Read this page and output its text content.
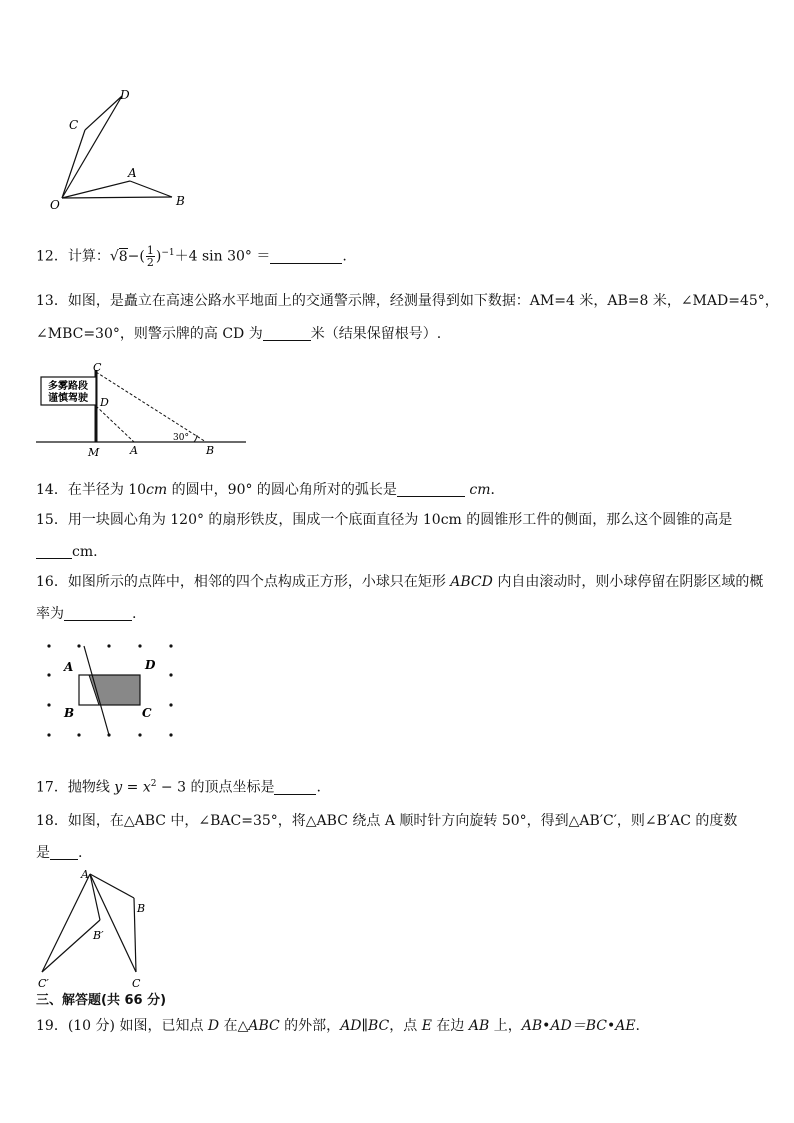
D
C
A
O	B
12．计算：$√8-( \frac{1}{2} )^{-1}+4$ sin 30° ＝	.
13．如图，是矗立在高速公路水平地面上的交通警示牌，经测量得到如下数据：AM=4 米，AB=8 米，∠MAD=45°，
∠MBC=30°，则警示牌的高 CD 为	米（结果保留根号）.
多雾路段
谨慎驾驶
C
D
M	A	B
30°
14．在半径为 10cm 的圆中，90° 的圆心角所对的弧长是	cm．
15．用一块圆心角为 120° 的扇形铁皮，围成一个底面直径为 10cm 的圆锥形工件的侧面，那么这个圆锥的高是
cm.
16．如图所示的点阵中，相邻的四个点构成正方形，小球只在矩形 ABCD 内自由滚动时，则小球停留在阴影区域的概
率为	.
A	D
B	C
17．抛物线 $y = x^2 - 3$ 的顶点坐标是	.
18．如图，在△ABC 中，∠BAC=35°，将△ABC 绕点 A 顺时针方向旋转 50°，得到△AB′C′，则∠B′AC 的度数
是 .
A
B
B′
C
C′
三、解答题(共 66 分)
19．(10 分) 如图，已知点 D 在△ABC 的外部，AD∥BC，点 E 在边 AB 上，AB•AD＝BC•AE.
